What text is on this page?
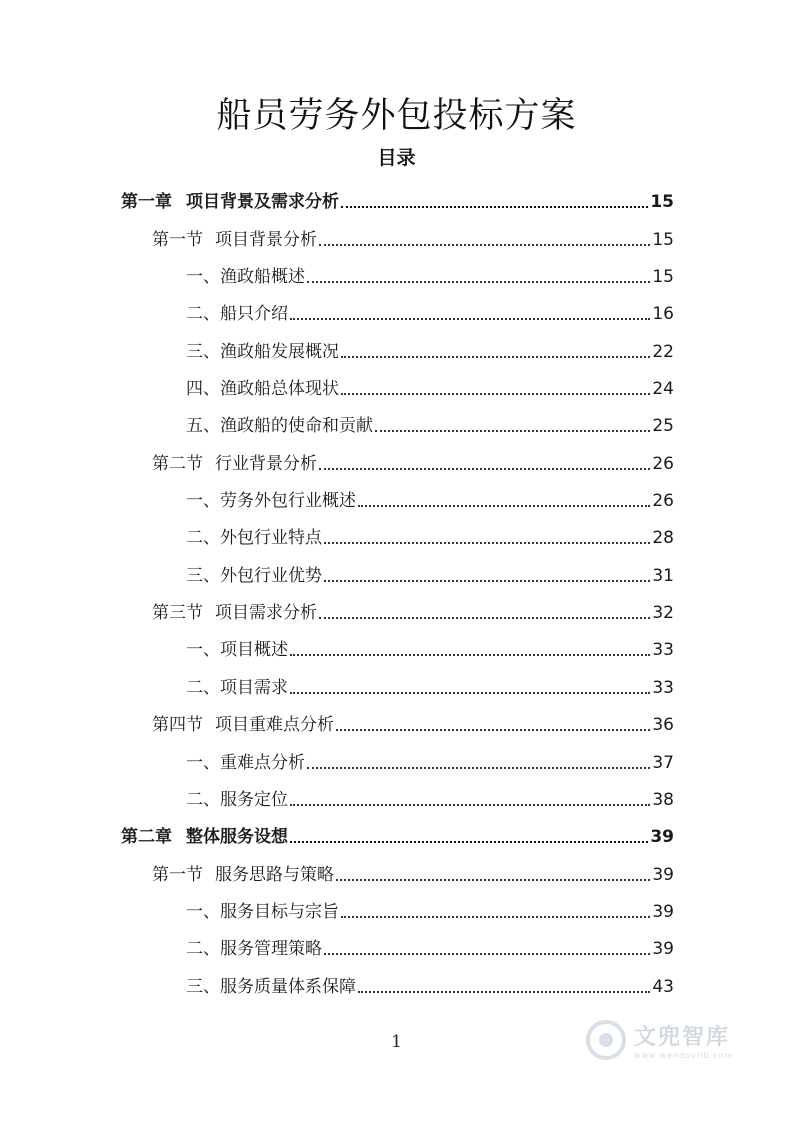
船员劳务外包投标方案
目录
第一章 项目背景及需求分析	15
第一节 项目背景分析	15
一、渔政船概述	15
二、船只介绍	16
三、渔政船发展概况	22
四、渔政船总体现状	24
五、渔政船的使命和贡献	25
第二节 行业背景分析	26
一、劳务外包行业概述	26
二、外包行业特点	28
三、外包行业优势	31
第三节 项目需求分析	32
一、项目概述	33
二、项目需求	33
第四节 项目重难点分析	36
一、重难点分析	37
二、服务定位	38
第二章 整体服务设想	39
第一节 服务思路与策略	39
一、服务目标与宗旨	39
二、服务管理策略	39
三、服务质量体系保障	43
1	文兜智库
www.wendoulib.com
